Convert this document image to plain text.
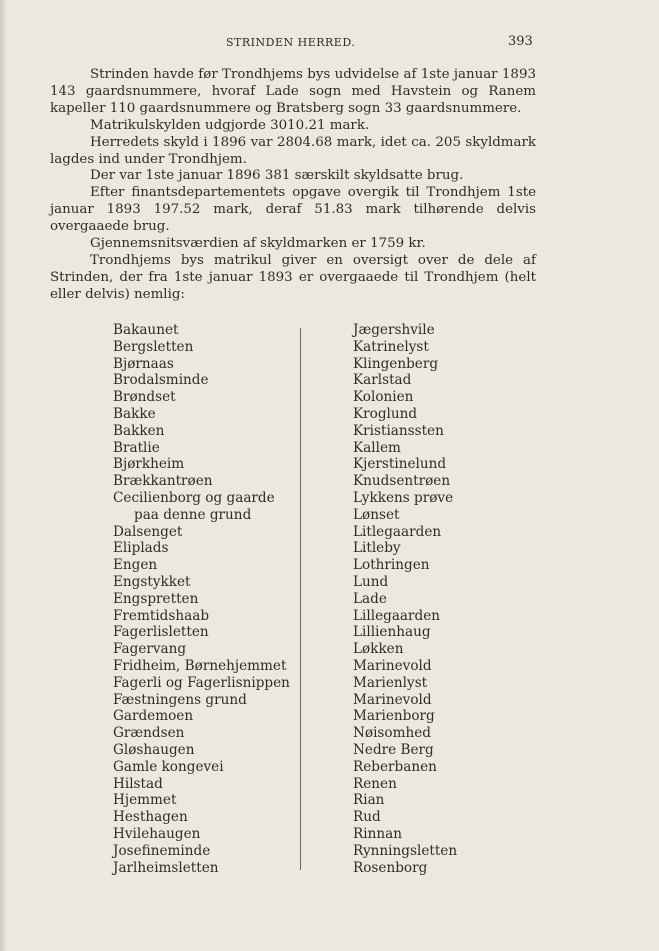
STRINDEN HERRED.	393

Strinden havde før Trondhjems bys udvidelse af 1ste januar 1893 143 gaardsnummere, hvoraf Lade sogn med Havstein og Ranem kapeller 110 gaardsnummere og Bratsberg sogn 33 gaardsnummere.

Matrikulskylden udgjorde 3010.21 mark.

Herredets skyld i 1896 var 2804.68 mark, idet ca. 205 skyldmark lagdes ind under Trondhjem.

Der var 1ste januar 1896 381 særskilt skyldsatte brug.

Efter finantsdepartementets opgave overgik til Trondhjem 1ste januar 1893 197.52 mark, deraf 51.83 mark tilhørende delvis overgaaede brug.

Gjennemsnitsværdien af skyldmarken er 1759 kr.

Trondhjems bys matrikul giver en oversigt over de dele af Strinden, der fra 1ste januar 1893 er overgaaede til Trondhjem (helt eller delvis) nemlig:

Bakaunet
Bergsletten
Bjørnaas
Brodalsminde
Brøndset
Bakke
Bakken
Bratlie
Bjørkheim
Brækkantrøen
Cecilienborg og gaarde
paa denne grund
Dalsenget
Eliplads
Engen
Engstykket
Engspretten
Fremtidshaab
Fagerlisletten
Fagervang
Fridheim, Børnehjemmet
Fagerli og Fagerlisnippen
Fæstningens grund
Gardemoen
Grændsen
Gløshaugen
Gamle kongevei
Hilstad
Hjemmet
Hesthagen
Hvilehaugen
Josefineminde
Jarlheimsletten
Jægershvile
Katrinelyst
Klingenberg
Karlstad
Kolonien
Kroglund
Kristianssten
Kallem
Kjerstinelund
Knudsentrøen
Lykkens prøve
Lønset
Litlegaarden
Litleby
Lothringen
Lund
Lade
Lillegaarden
Lillienhaug
Løkken
Marinevold
Marienlyst
Marinevold
Marienborg
Nøisomhed
Nedre Berg
Reberbanen
Renen
Rian
Rud
Rinnan
Rynningsletten
Rosenborg
